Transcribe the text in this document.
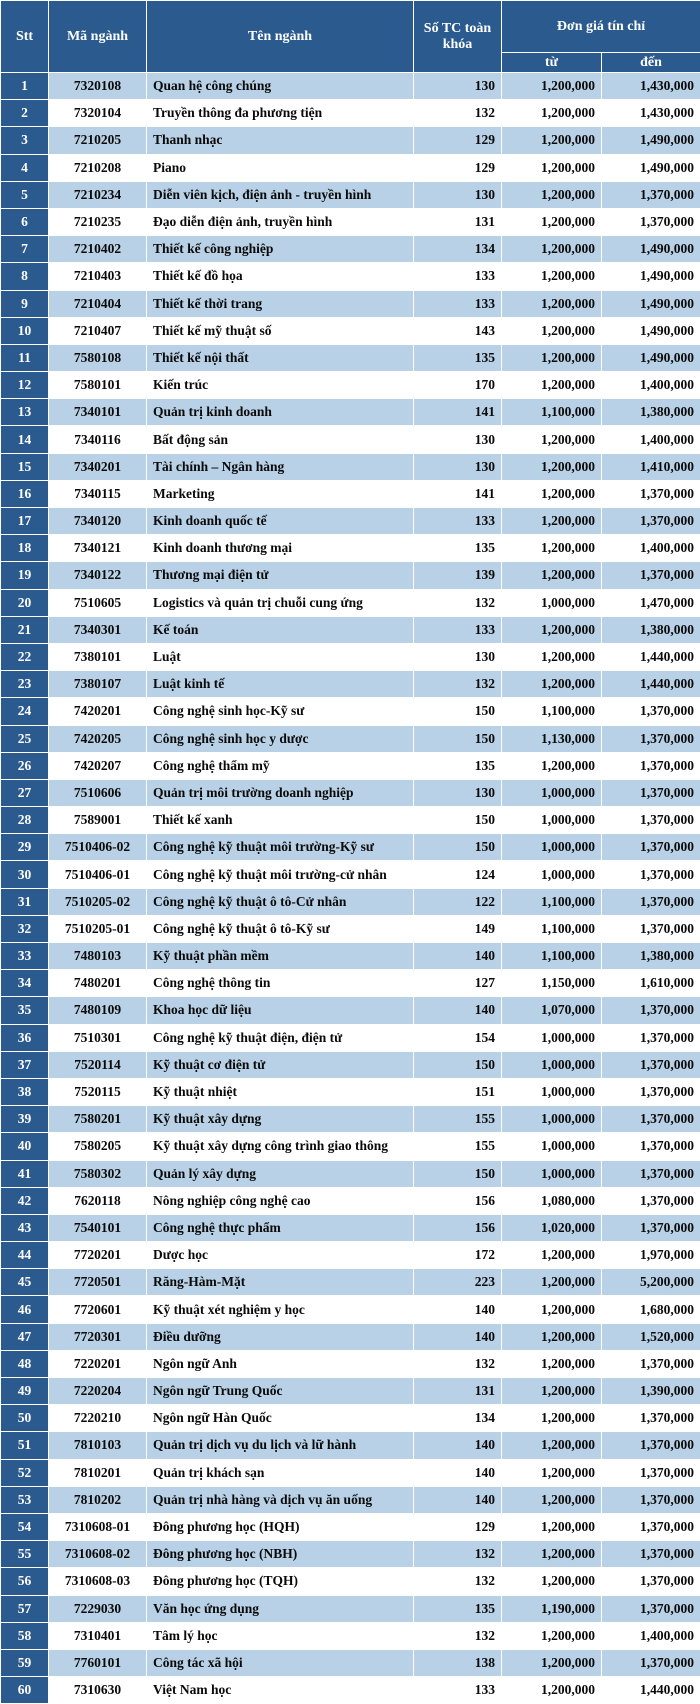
Stt	Mã ngành	Tên ngành	Số TC toàn khóa	Đơn giá tín chỉ	
				từ	đến
1	7320108	Quan hệ công chúng	130	1,200,000	1,430,000
2	7320104	Truyền thông đa phương tiện	132	1,200,000	1,430,000
3	7210205	Thanh nhạc	129	1,200,000	1,490,000
4	7210208	Piano	129	1,200,000	1,490,000
5	7210234	Diễn viên kịch, điện ảnh - truyền hình	130	1,200,000	1,370,000
6	7210235	Đạo diễn điện ảnh, truyền hình	131	1,200,000	1,370,000
7	7210402	Thiết kế công nghiệp	134	1,200,000	1,490,000
8	7210403	Thiết kế đồ họa	133	1,200,000	1,490,000
9	7210404	Thiết kế thời trang	133	1,200,000	1,490,000
10	7210407	Thiết kế mỹ thuật số	143	1,200,000	1,490,000
11	7580108	Thiết kế nội thất	135	1,200,000	1,490,000
12	7580101	Kiến trúc	170	1,200,000	1,400,000
13	7340101	Quản trị kinh doanh	141	1,100,000	1,380,000
14	7340116	Bất động sản	130	1,200,000	1,400,000
15	7340201	Tài chính – Ngân hàng	130	1,200,000	1,410,000
16	7340115	Marketing	141	1,200,000	1,370,000
17	7340120	Kinh doanh quốc tế	133	1,200,000	1,370,000
18	7340121	Kinh doanh thương mại	135	1,200,000	1,400,000
19	7340122	Thương mại điện tử	139	1,200,000	1,370,000
20	7510605	Logistics và quản trị chuỗi cung ứng	132	1,000,000	1,470,000
21	7340301	Kế toán	133	1,200,000	1,380,000
22	7380101	Luật	130	1,200,000	1,440,000
23	7380107	Luật kinh tế	132	1,200,000	1,440,000
24	7420201	Công nghệ sinh học-Kỹ sư	150	1,100,000	1,370,000
25	7420205	Công nghệ sinh học y dược	150	1,130,000	1,370,000
26	7420207	Công nghệ thẩm mỹ	135	1,200,000	1,370,000
27	7510606	Quản trị môi trường doanh nghiệp	130	1,000,000	1,370,000
28	7589001	Thiết kế xanh	150	1,000,000	1,370,000
29	7510406-02	Công nghệ kỹ thuật môi trường-Kỹ sư	150	1,000,000	1,370,000
30	7510406-01	Công nghệ kỹ thuật môi trường-cử nhân	124	1,000,000	1,370,000
31	7510205-02	Công nghệ kỹ thuật ô tô-Cử nhân	122	1,100,000	1,370,000
32	7510205-01	Công nghệ kỹ thuật ô tô-Kỹ sư	149	1,100,000	1,370,000
33	7480103	Kỹ thuật phần mềm	140	1,100,000	1,380,000
34	7480201	Công nghệ thông tin	127	1,150,000	1,610,000
35	7480109	Khoa học dữ liệu	140	1,070,000	1,370,000
36	7510301	Công nghệ kỹ thuật điện, điện tử	154	1,000,000	1,370,000
37	7520114	Kỹ thuật cơ điện tử	150	1,000,000	1,370,000
38	7520115	Kỹ thuật nhiệt	151	1,000,000	1,370,000
39	7580201	Kỹ thuật xây dựng	155	1,000,000	1,370,000
40	7580205	Kỹ thuật xây dựng công trình giao thông	155	1,000,000	1,370,000
41	7580302	Quản lý xây dựng	150	1,000,000	1,370,000
42	7620118	Nông nghiệp công nghệ cao	156	1,080,000	1,370,000
43	7540101	Công nghệ thực phẩm	156	1,020,000	1,370,000
44	7720201	Dược học	172	1,200,000	1,970,000
45	7720501	Răng-Hàm-Mặt	223	1,200,000	5,200,000
46	7720601	Kỹ thuật xét nghiệm y học	140	1,200,000	1,680,000
47	7720301	Điều dưỡng	140	1,200,000	1,520,000
48	7220201	Ngôn ngữ Anh	132	1,200,000	1,370,000
49	7220204	Ngôn ngữ Trung Quốc	131	1,200,000	1,390,000
50	7220210	Ngôn ngữ Hàn Quốc	134	1,200,000	1,370,000
51	7810103	Quản trị dịch vụ du lịch và lữ hành	140	1,200,000	1,370,000
52	7810201	Quản trị khách sạn	140	1,200,000	1,370,000
53	7810202	Quản trị nhà hàng và dịch vụ ăn uống	140	1,200,000	1,370,000
54	7310608-01	Đông phương học (HQH)	129	1,200,000	1,370,000
55	7310608-02	Đông phương học (NBH)	132	1,200,000	1,370,000
56	7310608-03	Đông phương học (TQH)	132	1,200,000	1,370,000
57	7229030	Văn học ứng dụng	135	1,190,000	1,370,000
58	7310401	Tâm lý học	132	1,200,000	1,400,000
59	7760101	Công tác xã hội	138	1,200,000	1,370,000
60	7310630	Việt Nam học	133	1,200,000	1,440,000
